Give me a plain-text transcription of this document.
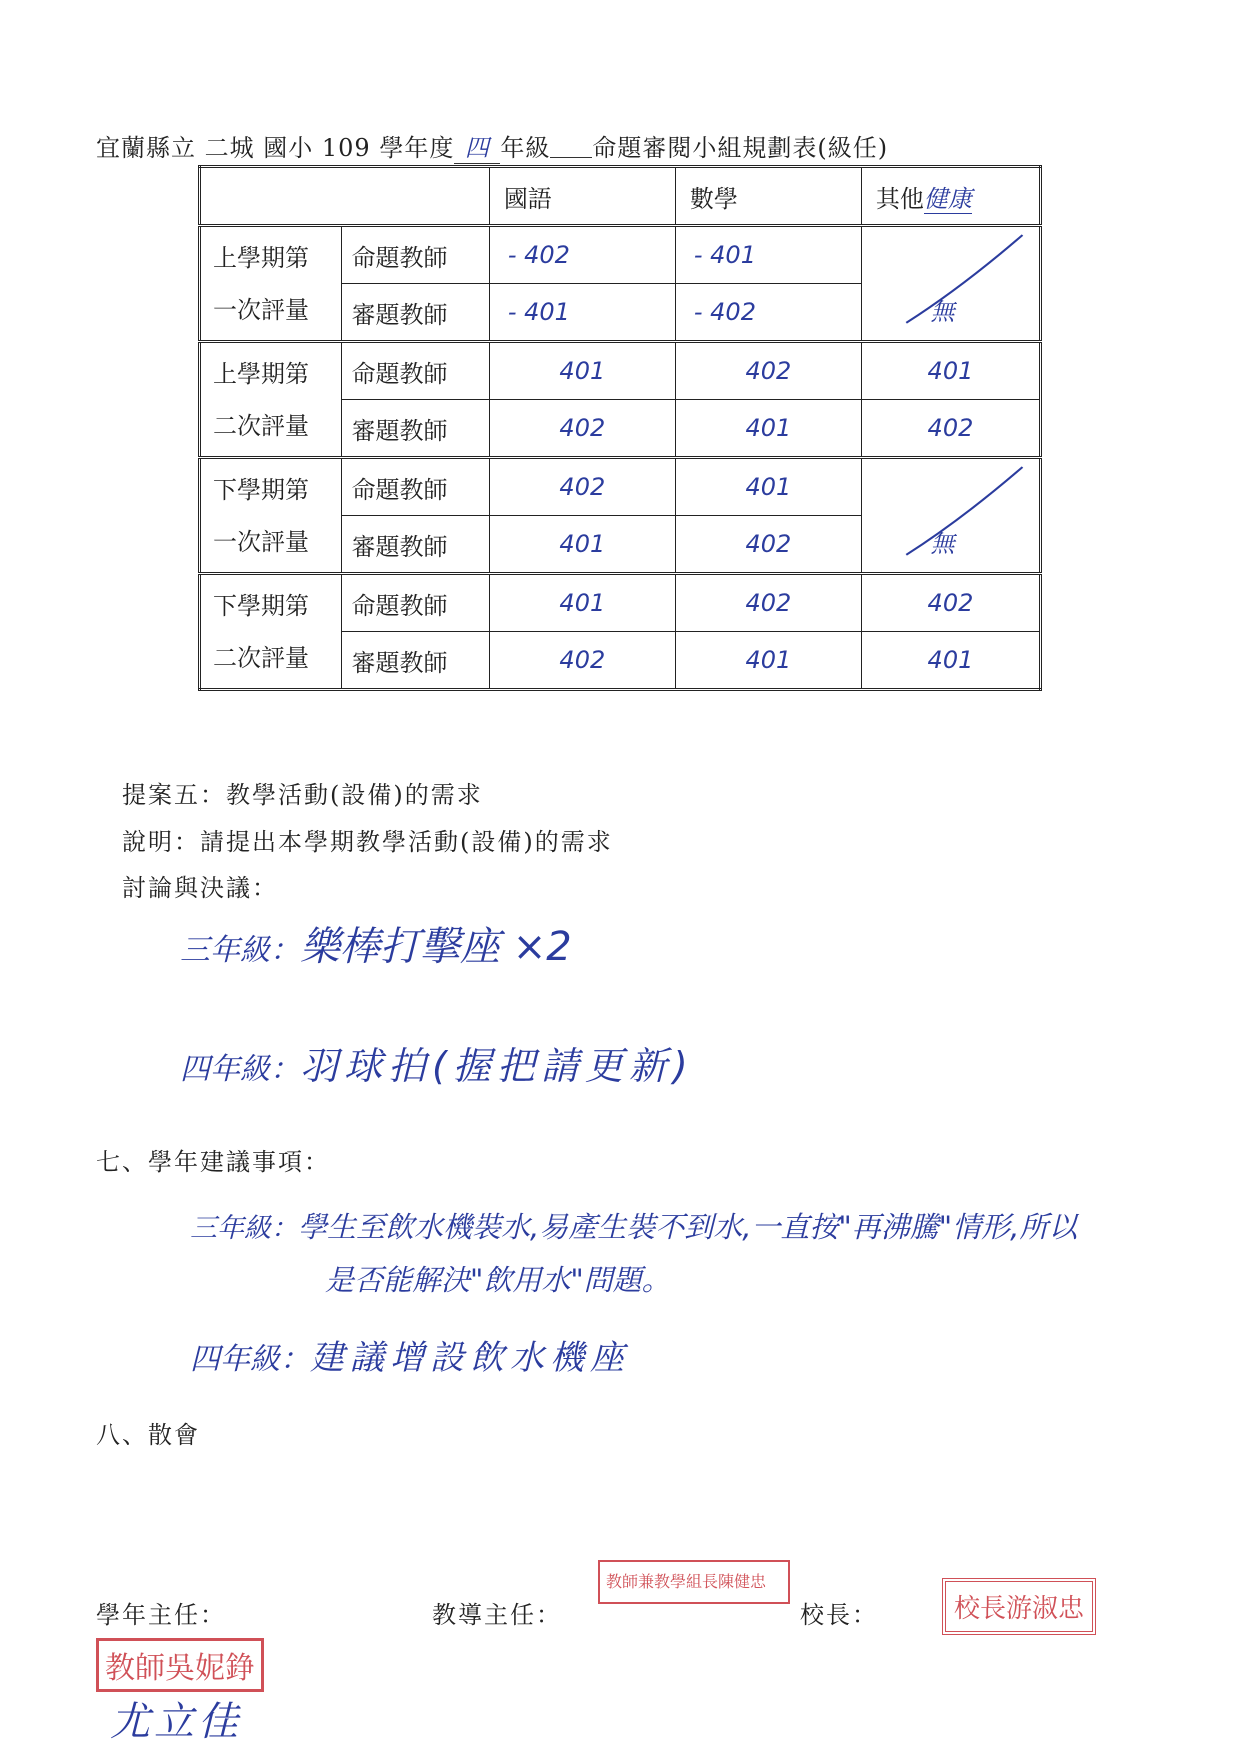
宜蘭縣立 二城 國小 109 學年度 四 年級 命題審閱小組規劃表(級任)
		國語	數學	其他健康
上學期第
一次評量	命題教師	- 402	- 401	無
	審題教師	- 401	- 402	
上學期第
二次評量	命題教師	401	402	401
	審題教師	402	401	402
下學期第
一次評量	命題教師	402	401	無
	審題教師	401	402	
下學期第
二次評量	命題教師	401	402	402
	審題教師	402	401	401
提案五：教學活動(設備)的需求
說明：請提出本學期教學活動(設備)的需求
討論與決議：
三年級：樂棒打擊座 ×2
四年級：羽球拍(握把請更新)
七、學年建議事項：
三年級：學生至飲水機裝水,易產生裝不到水,一直按"再沸騰"情形,所以
是否能解決"飲用水"問題。
四年級：建議增設飲水機座
八、散會
學年主任：	教導主任：	校長：
教師吳妮錚
尤立佳
教師兼教學組長陳健忠
校長游淑忠
